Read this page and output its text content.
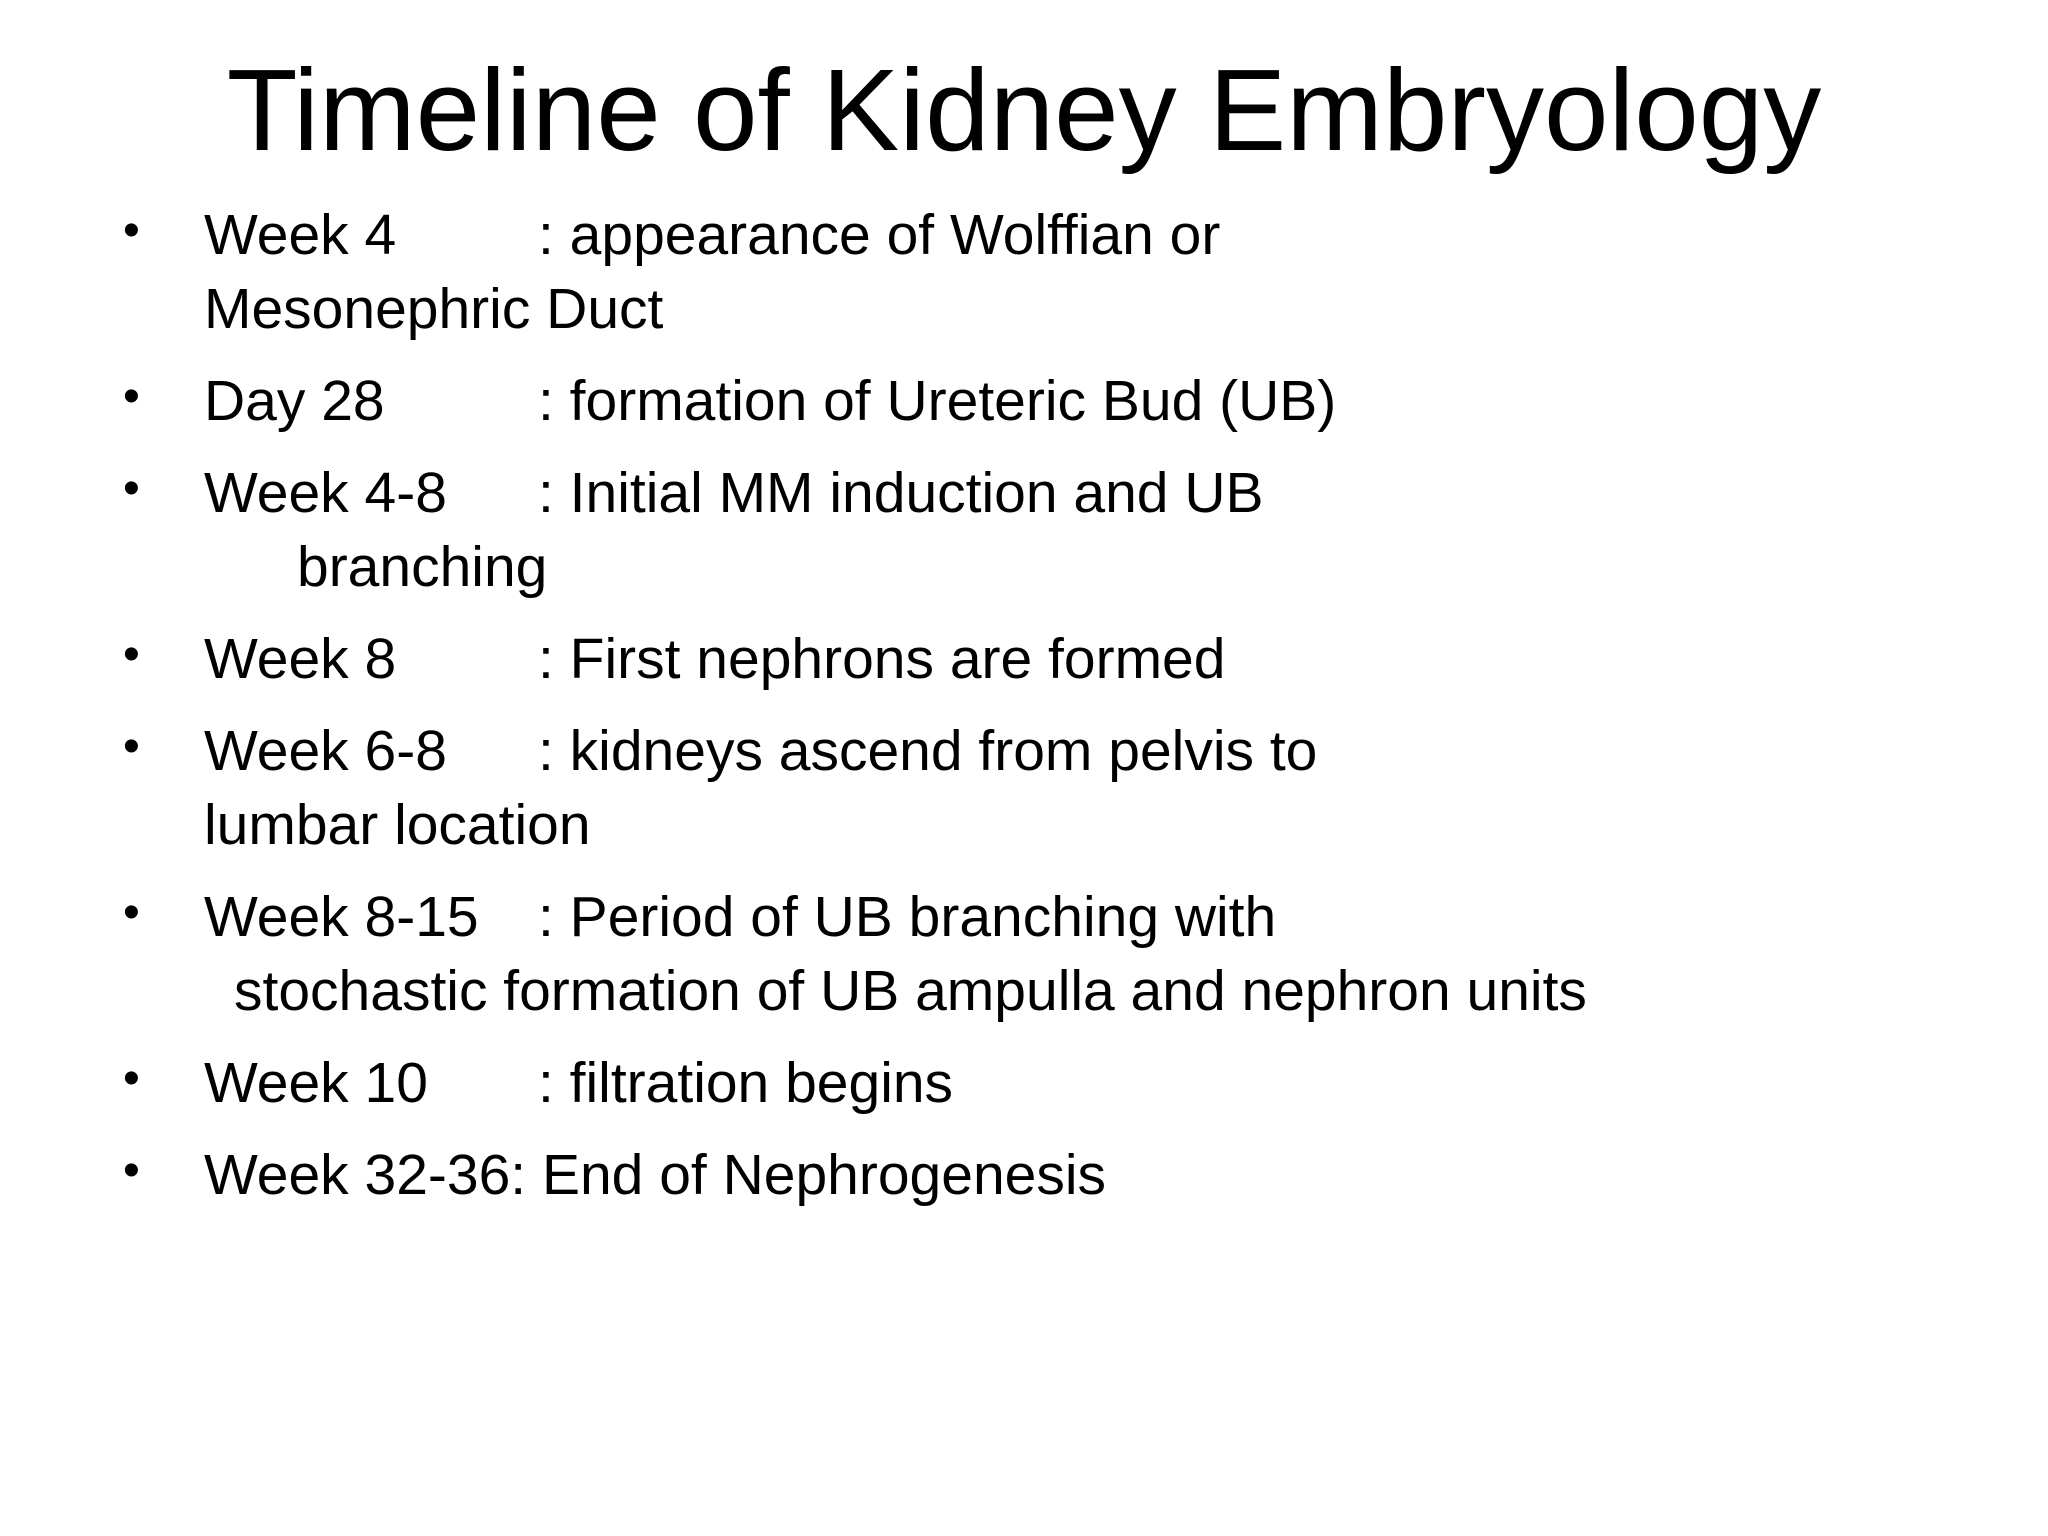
Timeline of Kidney Embryology
• Week 4 : appearance of Wolffian or
Mesonephric Duct
• Day 28	: formation of Ureteric Bud (UB)
• Week 4-8 : Initial MM induction and UB
branching
• Week 8 : First nephrons are formed
• Week 6-8 : kidneys ascend from pelvis to
lumbar location
• Week 8-15 : Period of UB branching with
stochastic formation of UB ampulla and nephron units
• Week 10 : filtration begins
• Week 32-36: End of Nephrogenesis
